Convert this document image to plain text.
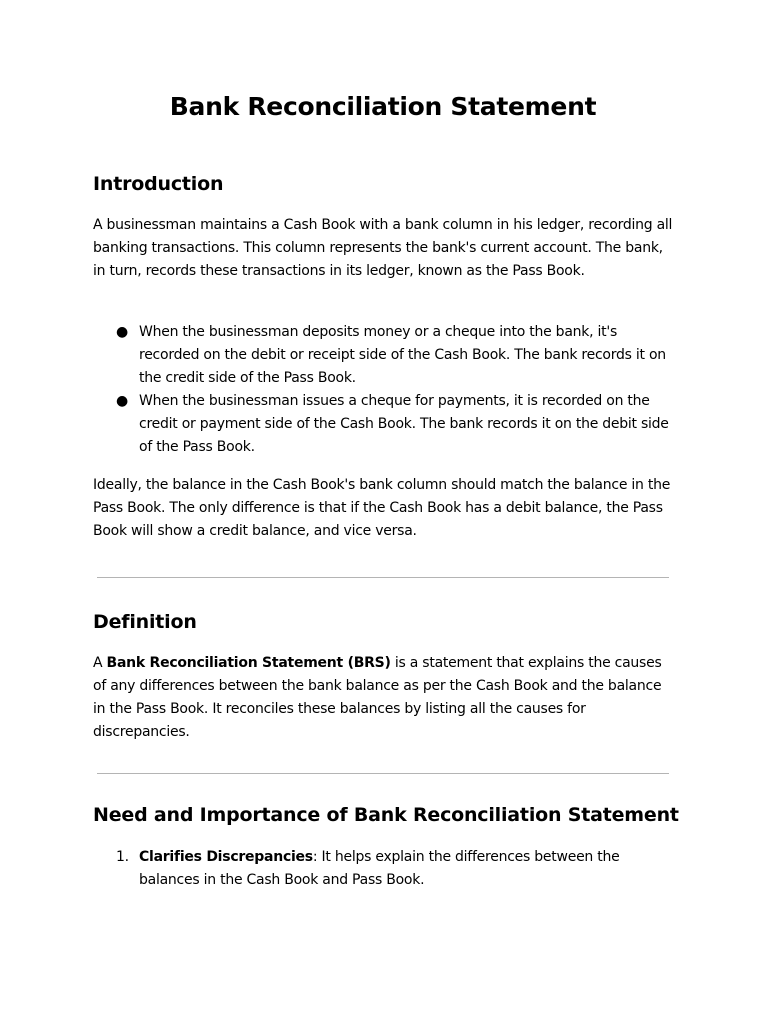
Bank Reconciliation Statement
Introduction

A businessman maintains a Cash Book with a bank column in his ledger, recording all banking transactions. This column represents the bank's current account. The bank, in turn, records these transactions in its ledger, known as the Pass Book.

● When the businessman deposits money or a cheque into the bank, it's recorded on the debit or receipt side of the Cash Book. The bank records it on the credit side of the Pass Book.
● When the businessman issues a cheque for payments, it is recorded on the credit or payment side of the Cash Book. The bank records it on the debit side of the Pass Book.

Ideally, the balance in the Cash Book's bank column should match the balance in the Pass Book. The only difference is that if the Cash Book has a debit balance, the Pass Book will show a credit balance, and vice versa.

Definition

A Bank Reconciliation Statement (BRS) is a statement that explains the causes of any differences between the bank balance as per the Cash Book and the balance in the Pass Book. It reconciles these balances by listing all the causes for discrepancies.

Need and Importance of Bank Reconciliation Statement
1. Clarifies Discrepancies: It helps explain the differences between the balances in the Cash Book and Pass Book.
